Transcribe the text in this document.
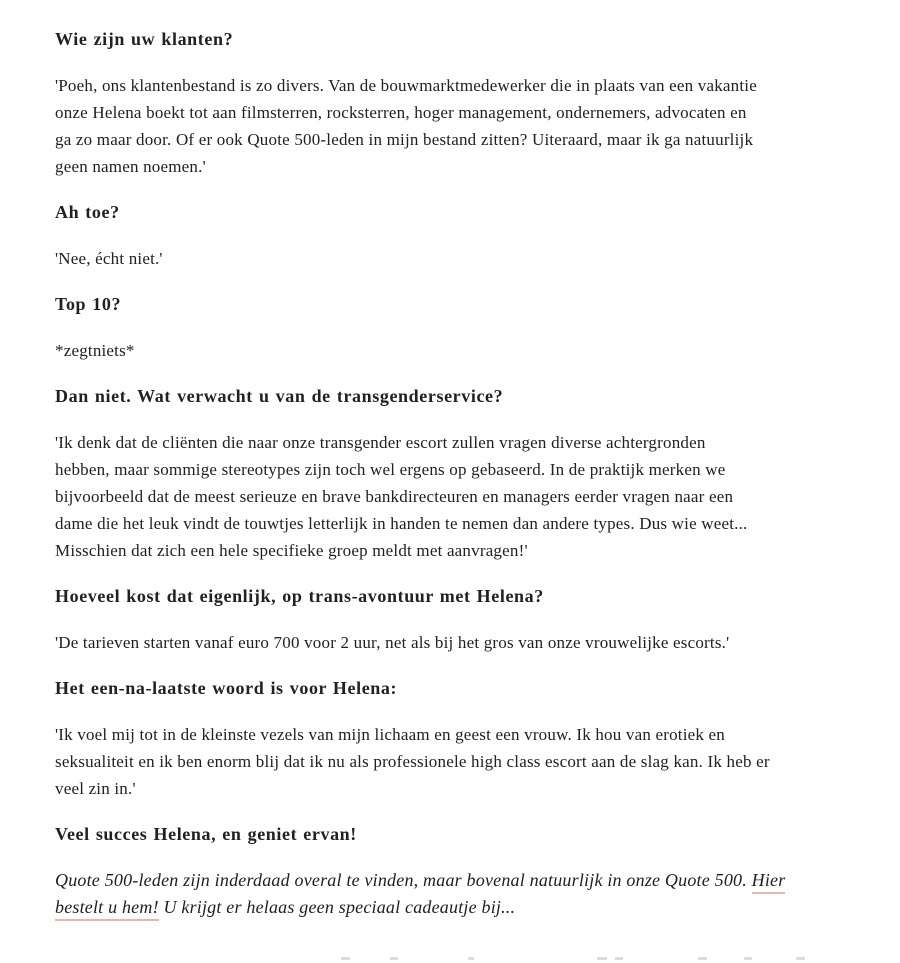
Wie zijn uw klanten?
'Poeh, ons klantenbestand is zo divers. Van de bouwmarktmedewerker die in plaats van een vakantie
onze Helena boekt tot aan filmsterren, rocksterren, hoger management, ondernemers, advocaten en
ga zo maar door. Of er ook Quote 500-leden in mijn bestand zitten? Uiteraard, maar ik ga natuurlijk
geen namen noemen.'
Ah toe?
'Nee, écht niet.'
Top 10?
*zegtniets*
Dan niet. Wat verwacht u van de transgenderservice?
'Ik denk dat de cliënten die naar onze transgender escort zullen vragen diverse achtergronden
hebben, maar sommige stereotypes zijn toch wel ergens op gebaseerd. In de praktijk merken we
bijvoorbeeld dat de meest serieuze en brave bankdirecteuren en managers eerder vragen naar een
dame die het leuk vindt de touwtjes letterlijk in handen te nemen dan andere types. Dus wie weet...
Misschien dat zich een hele specifieke groep meldt met aanvragen!'
Hoeveel kost dat eigenlijk, op trans-avontuur met Helena?
'De tarieven starten vanaf euro 700 voor 2 uur, net als bij het gros van onze vrouwelijke escorts.'
Het een-na-laatste woord is voor Helena:
'Ik voel mij tot in de kleinste vezels van mijn lichaam en geest een vrouw. Ik hou van erotiek en
seksualiteit en ik ben enorm blij dat ik nu als professionele high class escort aan de slag kan. Ik heb er
veel zin in.'
Veel succes Helena, en geniet ervan!
Quote 500-leden zijn inderdaad overal te vinden, maar bovenal natuurlijk in onze Quote 500. Hier
bestelt u hem! U krijgt er helaas geen speciaal cadeautje bij...
